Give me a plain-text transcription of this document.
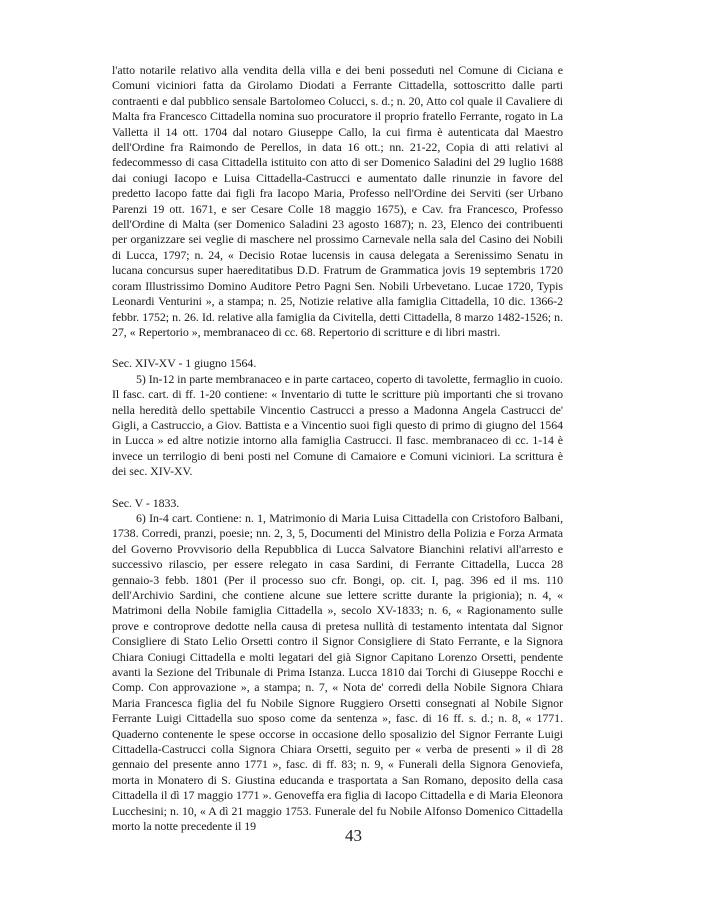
l'atto notarile relativo alla vendita della villa e dei beni posseduti nel Comune di Ciciana e Comuni viciniori fatta da Girolamo Diodati a Ferrante Cittadella, sottoscritto dalle parti contraenti e dal pubblico sensale Bartolomeo Colucci, s. d.; n. 20, Atto col quale il Cavaliere di Malta fra Francesco Cittadella nomina suo procuratore il proprio fratello Ferrante, rogato in La Valletta il 14 ott. 1704 dal notaro Giuseppe Callo, la cui firma è autenticata dal Maestro dell'Ordine fra Raimondo de Perellos, in data 16 ott.; nn. 21-22, Copia di atti relativi al fedecommesso di casa Cittadella istituito con atto di ser Domenico Saladini del 29 luglio 1688 dai coniugi Iacopo e Luisa Cittadella-Castrucci e aumentato dalle rinunzie in favore del predetto Iacopo fatte dai figli fra Iacopo Maria, Professo nell'Ordine dei Serviti (ser Urbano Parenzi 19 ott. 1671, e ser Cesare Colle 18 maggio 1675), e Cav. fra Francesco, Professo dell'Ordine di Malta (ser Domenico Saladini 23 agosto 1687); n. 23, Elenco dei contribuenti per organizzare sei veglie di maschere nel prossimo Carnevale nella sala del Casino dei Nobili di Lucca, 1797; n. 24, « Decisio Rotae lucensis in causa delegata a Serenissimo Senatu in lucana concursus super haereditatibus D.D. Fratrum de Grammatica jovis 19 septembris 1720 coram Illustrissimo Domino Auditore Petro Pagni Sen. Nobili Urbevetano. Lucae 1720, Typis Leonardi Venturini », a stampa; n. 25, Notizie relative alla famiglia Cittadella, 10 dic. 1366-2 febbr. 1752; n. 26. Id. relative alla famiglia da Civitella, detti Cittadella, 8 marzo 1482-1526; n. 27, « Repertorio », membranaceo di cc. 68. Repertorio di scritture e di libri mastri.

Sec. XIV-XV - 1 giugno 1564.

5) In-12 in parte membranaceo e in parte cartaceo, coperto di tavolette, fermaglio in cuoio. Il fasc. cart. di ff. 1-20 contiene: « Inventario di tutte le scritture più importanti che si trovano nella heredità dello spettabile Vincentio Castrucci a presso a Madonna Angela Castrucci de' Gigli, a Castruccio, a Giov. Battista e a Vincentio suoi figli questo di primo di giugno del 1564 in Lucca » ed altre notizie intorno alla famiglia Castrucci. Il fasc. membranaceo di cc. 1-14 è invece un terrilogio di beni posti nel Comune di Camaiore e Comuni viciniori. La scrittura è dei sec. XIV-XV.

Sec. V - 1833.

6) In-4 cart. Contiene: n. 1, Matrimonio di Maria Luisa Cittadella con Cristoforo Balbani, 1738. Corredi, pranzi, poesie; nn. 2, 3, 5, Documenti del Ministro della Polizia e Forza Armata del Governo Provvisorio della Repubblica di Lucca Salvatore Bianchini relativi all'arresto e successivo rilascio, per essere relegato in casa Sardini, di Ferrante Cittadella, Lucca 28 gennaio-3 febb. 1801 (Per il processo suo cfr. Bongi, op. cit. I, pag. 396 ed il ms. 110 dell'Archivio Sardini, che contiene alcune sue lettere scritte durante la prigionia); n. 4, « Matrimoni della Nobile famiglia Cittadella », secolo XV-1833; n. 6, « Ragionamento sulle prove e controprove dedotte nella causa di pretesa nullità di testamento intentata dal Signor Consigliere di Stato Lelio Orsetti contro il Signor Consigliere di Stato Ferrante, e la Signora Chiara Coniugi Cittadella e molti legatari del già Signor Capitano Lorenzo Orsetti, pendente avanti la Sezione del Tribunale di Prima Istanza. Lucca 1810 dai Torchi di Giuseppe Rocchi e Comp. Con approvazione », a stampa; n. 7, « Nota de' corredi della Nobile Signora Chiara Maria Francesca figlia del fu Nobile Signore Ruggiero Orsetti consegnati al Nobile Signor Ferrante Luigi Cittadella suo sposo come da sentenza », fasc. di 16 ff. s. d.; n. 8, « 1771. Quaderno contenente le spese occorse in occasione dello sposalizio del Signor Ferrante Luigi Cittadella-Castrucci colla Signora Chiara Orsetti, seguito per « verba de presenti » il dì 28 gennaio del presente anno 1771 », fasc. di ff. 83; n. 9, « Funerali della Signora Genoviefa, morta in Monatero di S. Giustina educanda e trasportata a San Romano, deposito della casa Cittadella il dì 17 maggio 1771 ». Genoveffa era figlia di Iacopo Cittadella e di Maria Eleonora Lucchesini; n. 10, « A dì 21 maggio 1753. Funerale del fu Nobile Alfonso Domenico Cittadella morto la notte precedente il 19	43
